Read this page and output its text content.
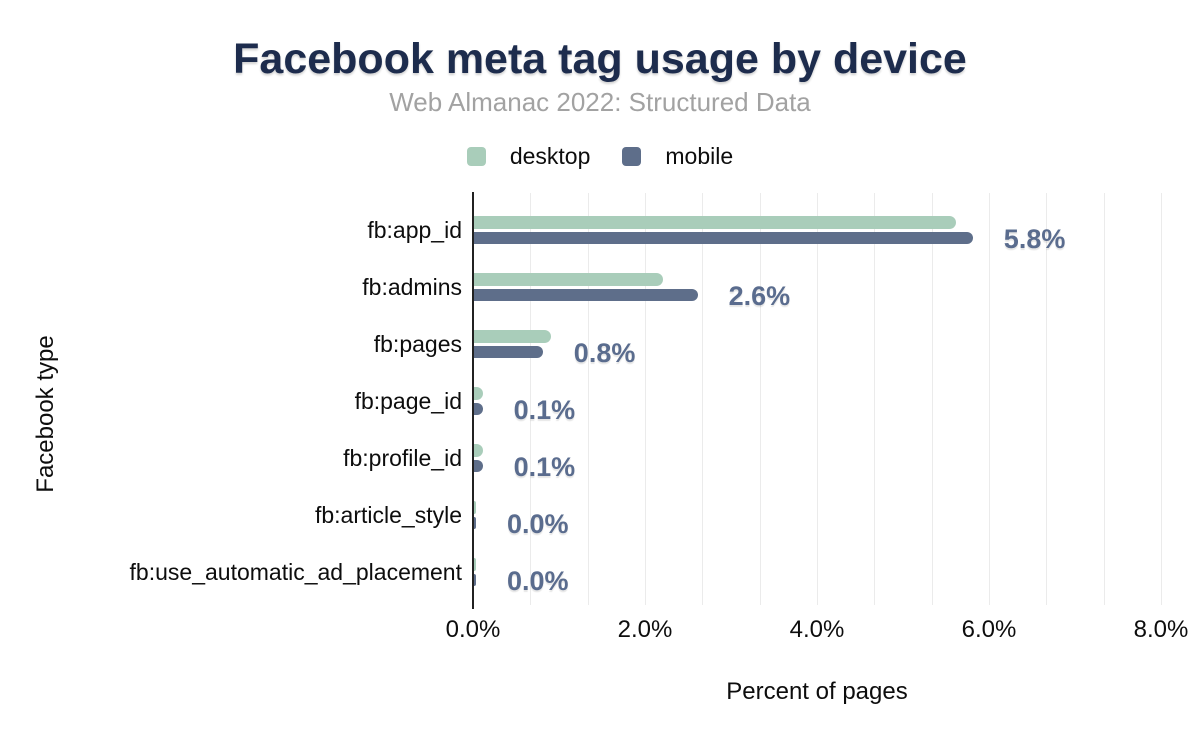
Facebook meta tag usage by device
Web Almanac 2022: Structured Data
desktop	mobile
Facebook type
Percent of pages
fb:app_id	5.8%
fb:admins	2.6%
fb:pages	0.8%
fb:page_id 0.1%
fb:profile_id 0.1%
fb:article_style 0.0%
fb:use_automatic_ad_placement 0.0%
0.0%	2.0%	4.0%	6.0%	8.0%
